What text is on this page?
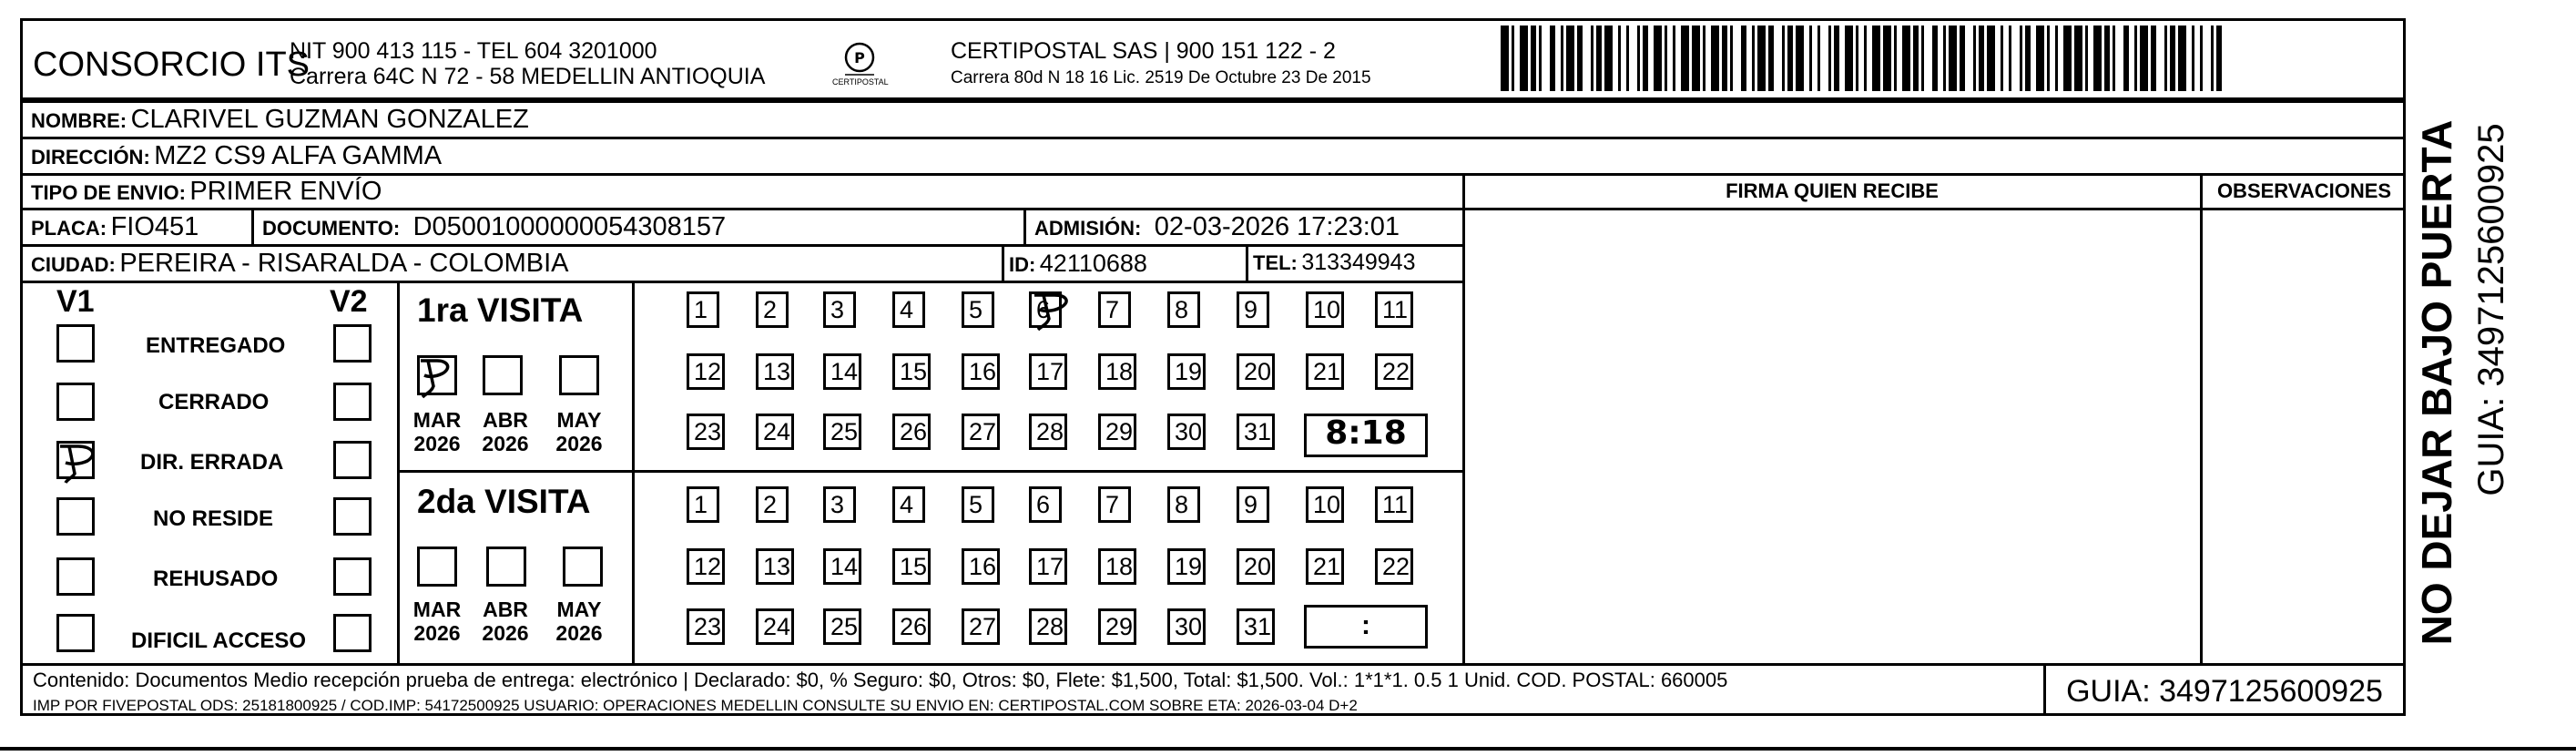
CONSORCIO ITS
NIT 900 413 115 - TEL 604 3201000
Carrera 64C N 72 - 58 MEDELLIN ANTIOQUIA
P
CERTIPOSTAL
CERTIPOSTAL SAS | 900 151 122 - 2
Carrera 80d N 18 16 Lic. 2519 De Octubre 23 De 2015
NOMBRE: CLARIVEL GUZMAN GONZALEZ
DIRECCIÓN: MZ2 CS9 ALFA GAMMA
TIPO DE ENVIO: PRIMER ENVÍO	FIRMA QUIEN RECIBE	OBSERVACIONES
PLACA: FIO451	DOCUMENTO: D05001000000054308157	ADMISIÓN: 02-03-2026 17:23:01
CIUDAD: PEREIRA - RISARALDA - COLOMBIA	ID: 42110688	TEL: 313349943
V1	V2
ENTREGADO
CERRADO
DIR. ERRADA
NO RESIDE
REHUSADO
DIFICIL ACCESO
1ra VISITA
MAR
2026
ABR
2026
MAY
2026
1	2	3	4	5	6	7	8	9	10 11
12 13 14 15 16 17 18 19 20 21 22
23 24 25 26 27 28 29 30 31	8:18
2da VISITA
MAR
2026
ABR
2026
MAY
2026
1	2	3	4	5	6	7	8	9	10 11
12 13 14 15 16 17 18 19 20 21 22
23 24 25 26 27 28 29 30 31	:
Contenido: Documentos Medio recepción prueba de entrega: electrónico | Declarado: $0, % Seguro: $0, Otros: $0, Flete: $1,500, Total: $1,500. Vol.: 1*1*1. 0.5 1 Unid. COD. POSTAL: 660005
IMP POR FIVEPOSTAL ODS: 25181800925 / COD.IMP: 54172500925 USUARIO: OPERACIONES MEDELLIN CONSULTE SU ENVIO EN: CERTIPOSTAL.COM SOBRE ETA: 2026-03-04 D+2	GUIA: 3497125600925
NO DEJAR BAJO PUERTA GUIA: 3497125600925
